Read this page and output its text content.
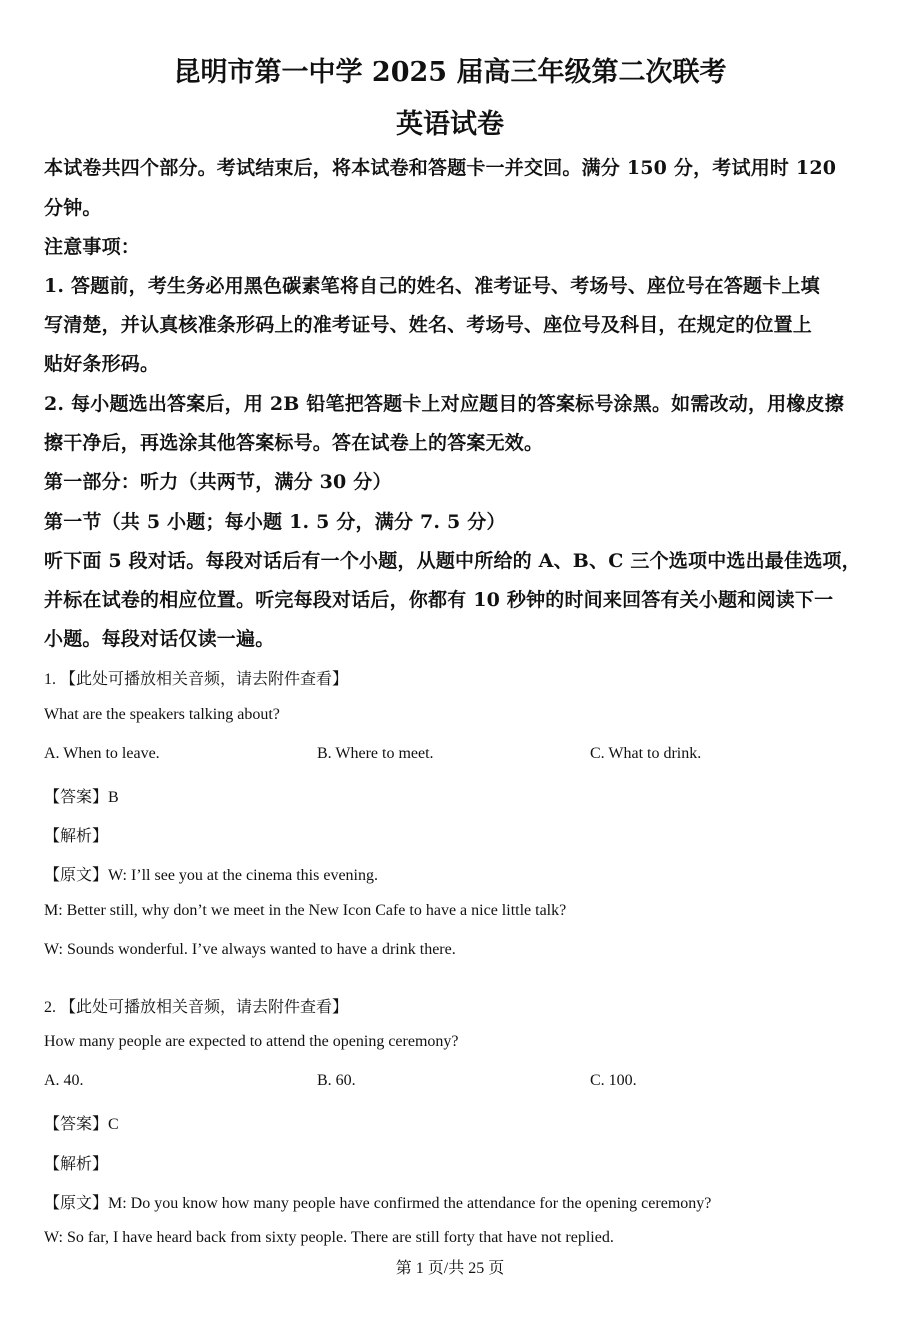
昆明市第一中学 2025 届高三年级第二次联考
英语试卷
本试卷共四个部分。考试结束后，将本试卷和答题卡一并交回。满分 150 分，考试用时 120
分钟。
注意事项：
1. 答题前，考生务必用黑色碳素笔将自己的姓名、准考证号、考场号、座位号在答题卡上填
写清楚，并认真核准条形码上的准考证号、姓名、考场号、座位号及科目，在规定的位置上
贴好条形码。
2. 每小题选出答案后，用 2B 铅笔把答题卡上对应题目的答案标号涂黑。如需改动，用橡皮擦
擦干净后，再选涂其他答案标号。答在试卷上的答案无效。
第一部分：听力（共两节，满分 30 分）
第一节（共 5 小题；每小题 1. 5 分，满分 7. 5 分）
听下面 5 段对话。每段对话后有一个小题，从题中所给的 A、B、C 三个选项中选出最佳选项，
并标在试卷的相应位置。听完每段对话后，你都有 10 秒钟的时间来回答有关小题和阅读下一
小题。每段对话仅读一遍。
1. 【此处可播放相关音频，请去附件查看】
What are the speakers talking about?
A. When to leave.	B. Where to meet.	C. What to drink.
【答案】B
【解析】
【原文】W: I’ll see you at the cinema this evening.
M: Better still, why don’t we meet in the New Icon Cafe to have a nice little talk?
W: Sounds wonderful. I’ve always wanted to have a drink there.
2. 【此处可播放相关音频，请去附件查看】
How many people are expected to attend the opening ceremony?
A. 40.	B. 60.	C. 100.
【答案】C
【解析】
【原文】M: Do you know how many people have confirmed the attendance for the opening ceremony?
W: So far, I have heard back from sixty people. There are still forty that have not replied.
第 1 页/共 25 页
